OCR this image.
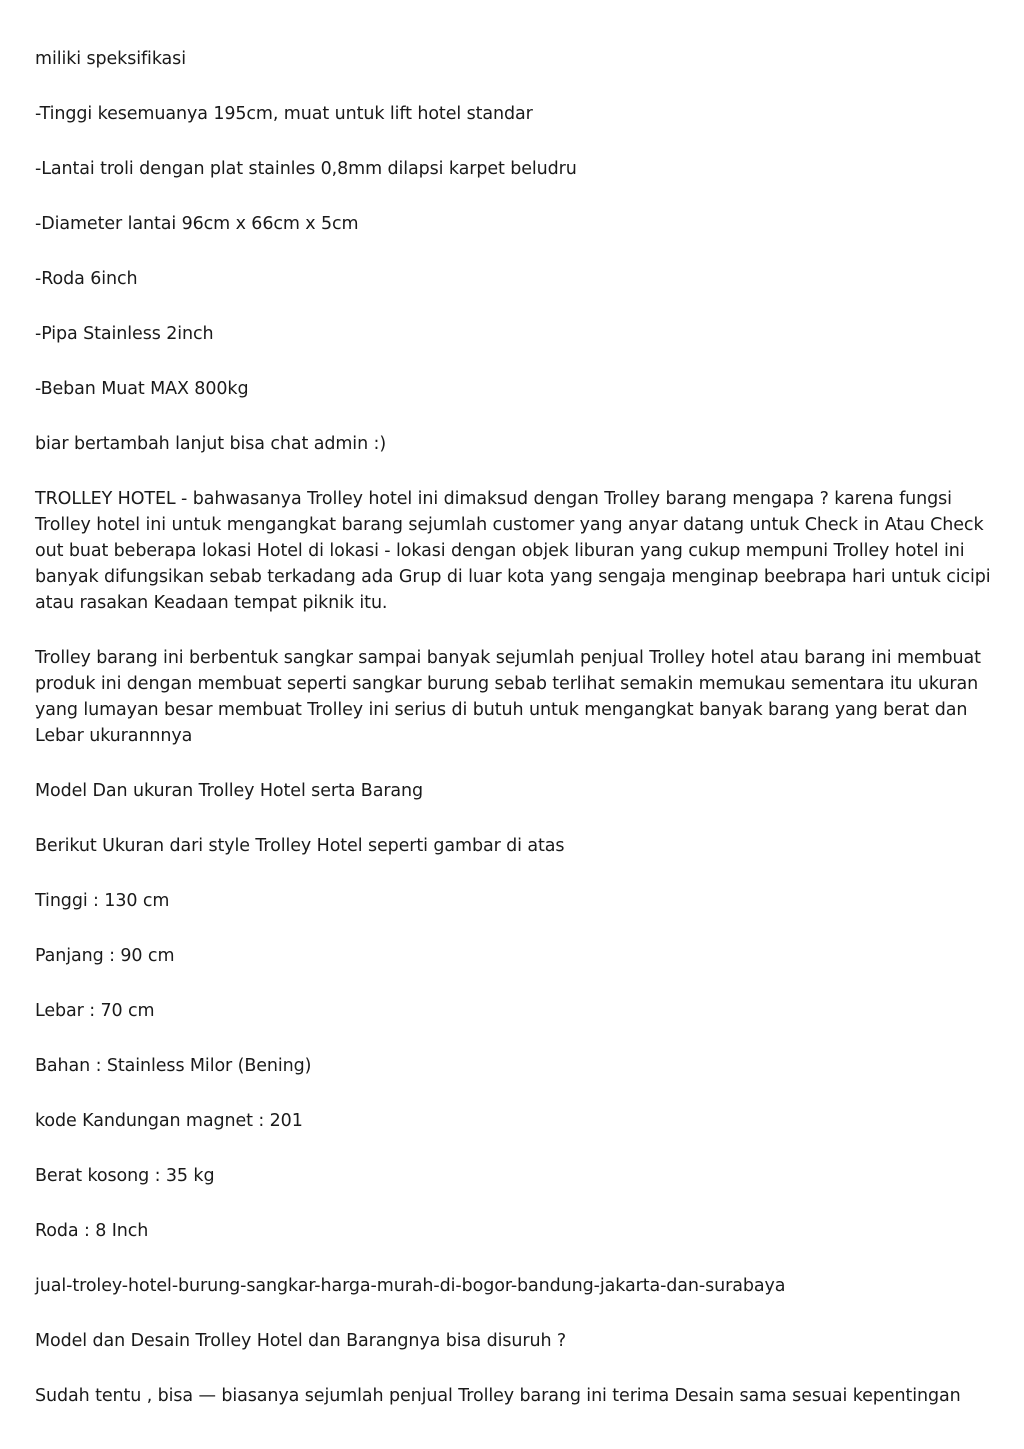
miliki speksifikasi

-Tinggi kesemuanya 195cm, muat untuk lift hotel standar

-Lantai troli dengan plat stainles 0,8mm dilapsi karpet beludru

-Diameter lantai 96cm x 66cm x 5cm

-Roda 6inch

-Pipa Stainless 2inch

-Beban Muat MAX 800kg

biar bertambah lanjut bisa chat admin :)

TROLLEY HOTEL - bahwasanya Trolley hotel ini dimaksud dengan Trolley barang mengapa ? karena fungsi Trolley hotel ini untuk mengangkat barang sejumlah customer yang anyar datang untuk Check in Atau Check out buat beberapa lokasi Hotel di lokasi - lokasi dengan objek liburan yang cukup mempuni Trolley hotel ini banyak difungsikan sebab terkadang ada Grup di luar kota yang sengaja menginap beebrapa hari untuk cicipi atau rasakan Keadaan tempat piknik itu.

Trolley barang ini berbentuk sangkar sampai banyak sejumlah penjual Trolley hotel atau barang ini membuat produk ini dengan membuat seperti sangkar burung sebab terlihat semakin memukau sementara itu ukuran yang lumayan besar membuat Trolley ini serius di butuh untuk mengangkat banyak barang yang berat dan Lebar ukurannnya

Model Dan ukuran Trolley Hotel serta Barang

Berikut Ukuran dari style Trolley Hotel seperti gambar di atas

Tinggi : 130 cm

Panjang : 90 cm

Lebar : 70 cm

Bahan : Stainless Milor (Bening)

kode Kandungan magnet : 201

Berat kosong : 35 kg

Roda : 8 Inch

jual-troley-hotel-burung-sangkar-harga-murah-di-bogor-bandung-jakarta-dan-surabaya

Model dan Desain Trolley Hotel dan Barangnya bisa disuruh ?

Sudah tentu , bisa — biasanya sejumlah penjual Trolley barang ini terima Desain sama sesuai kepentingan
